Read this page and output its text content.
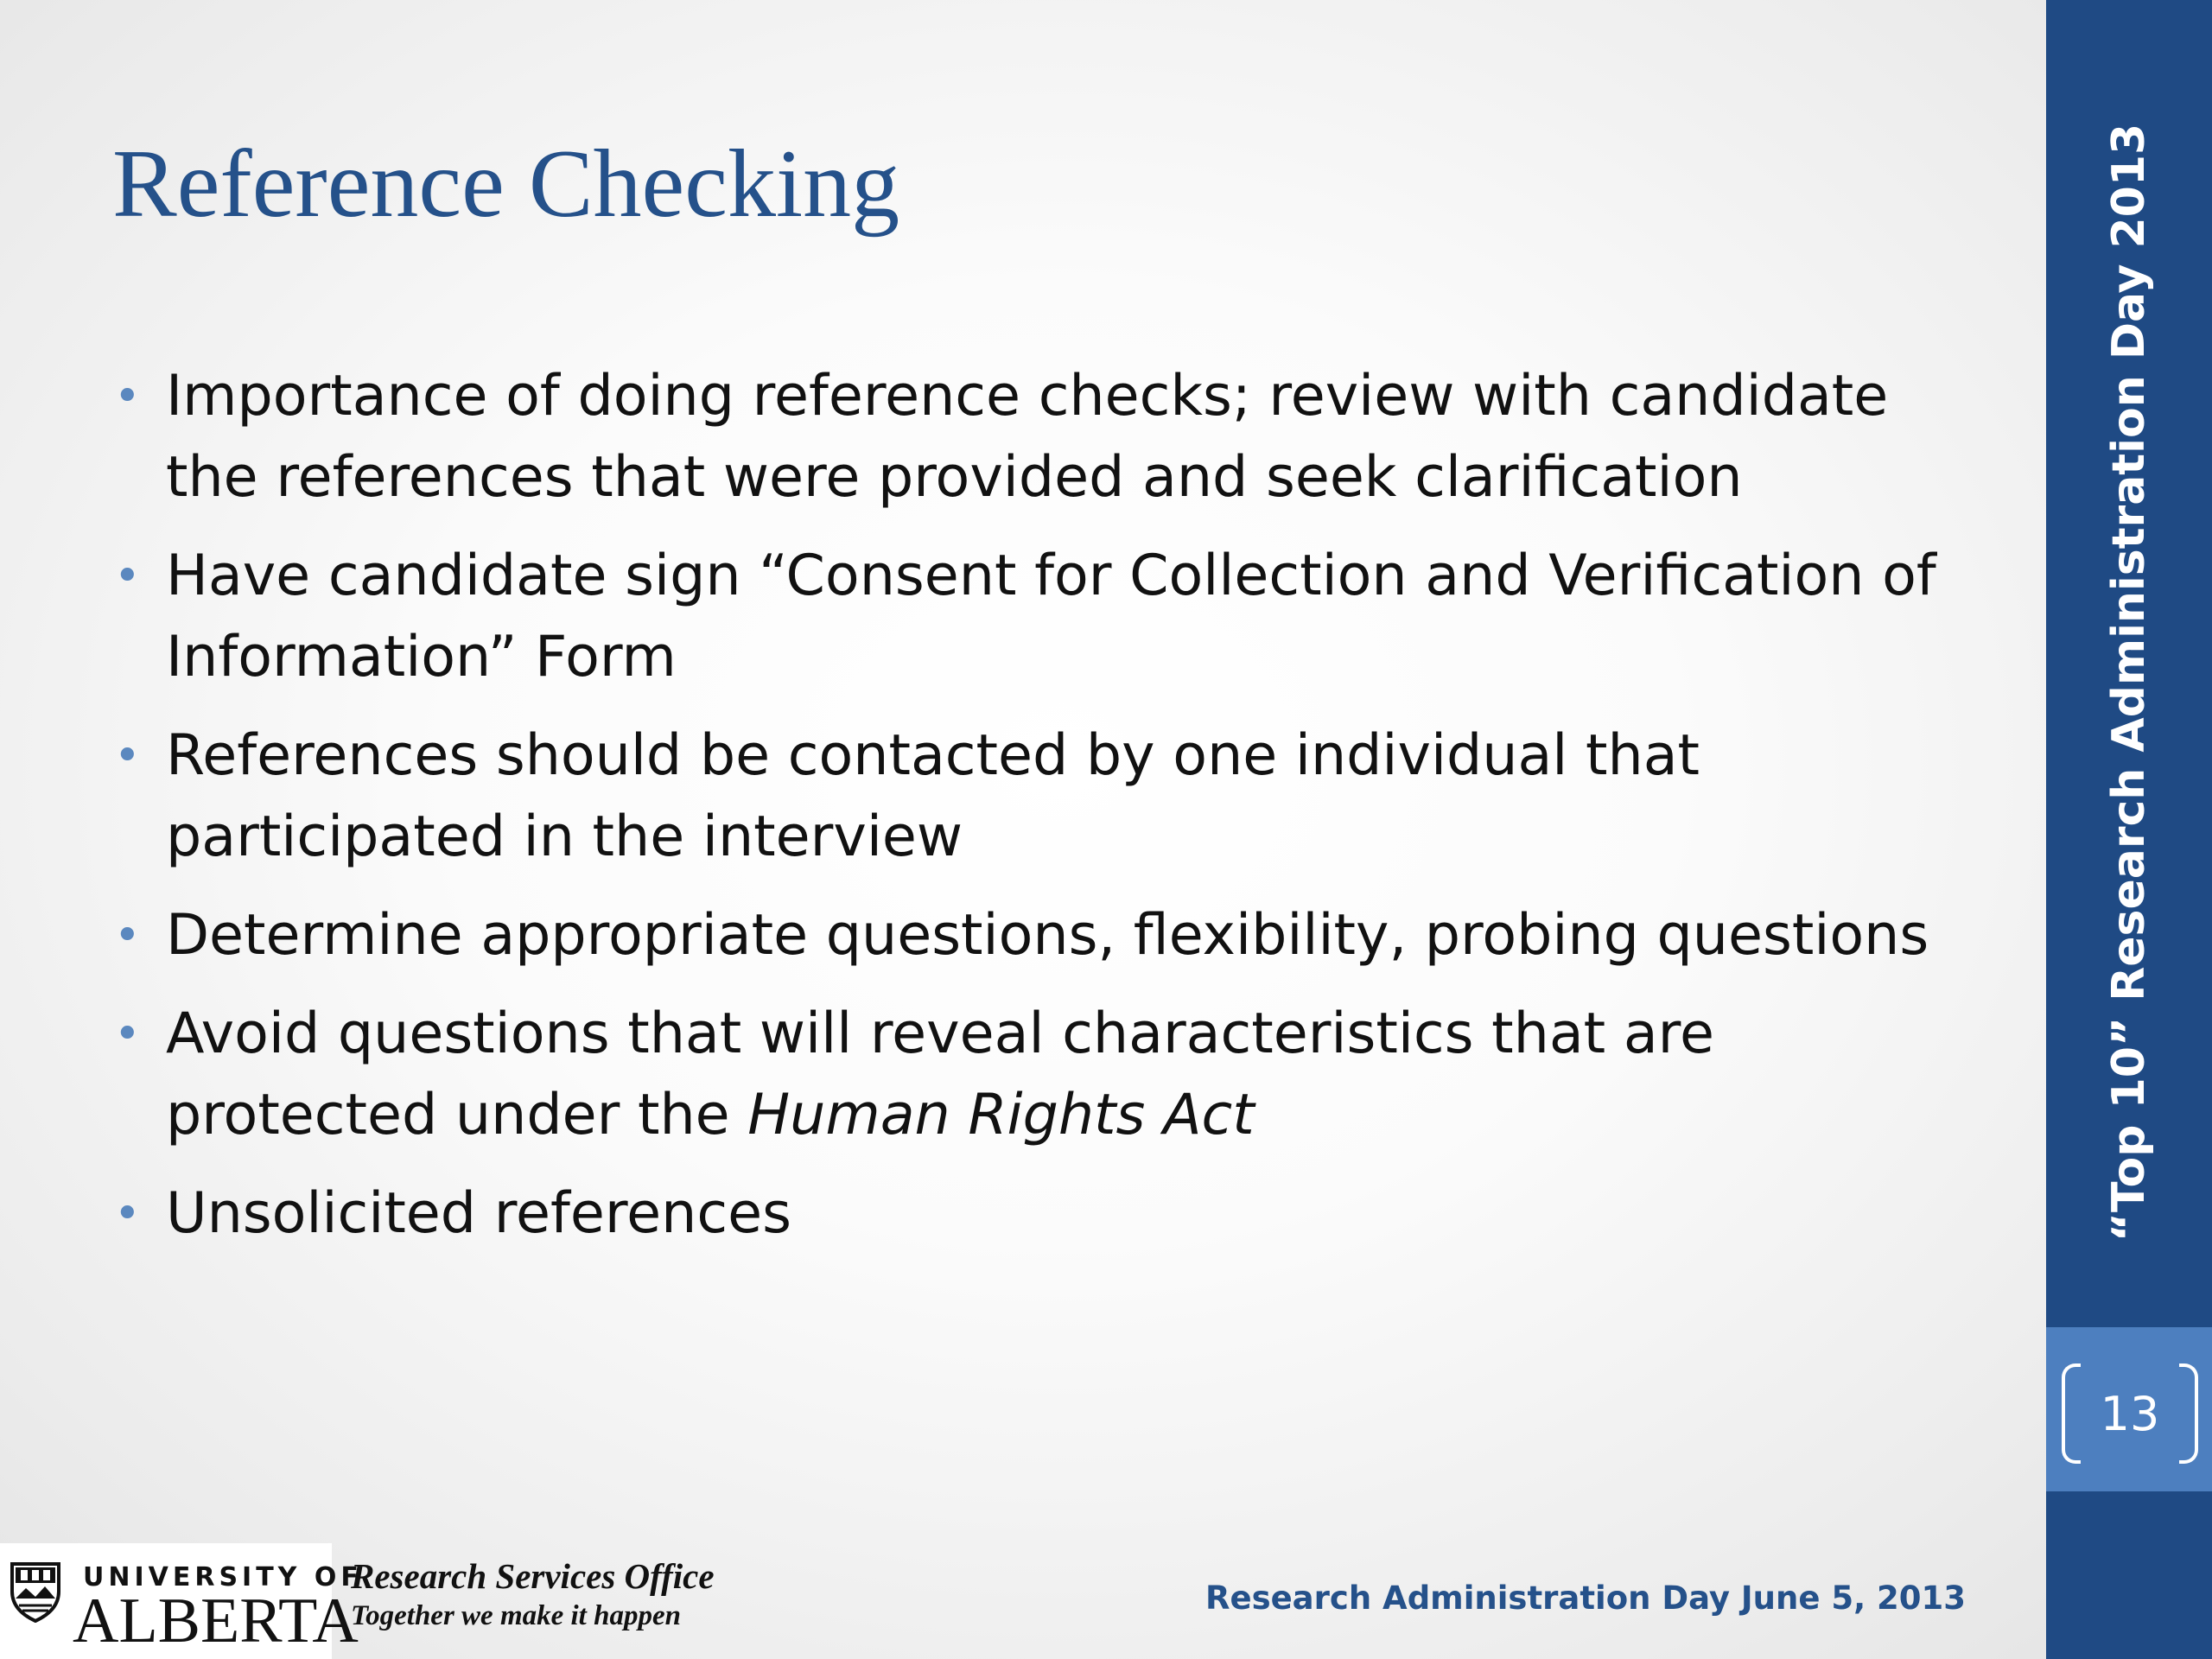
Reference Checking
• Importance of doing reference checks; review with candidate the references that were provided and seek clarification
• Have candidate sign “Consent for Collection and Verification of Information” Form
• References should be contacted by one individual that participated in the interview
• Determine appropriate questions, flexibility, probing questions
• Avoid questions that will reveal characteristics that are protected under the Human Rights Act
• Unsolicited references	“Top 10” Research Administration Day 2013
13
UNIVERSITY OF
ALBERTA
Research Services Office
Together we make it happen	Research Administration Day June 5, 2013
